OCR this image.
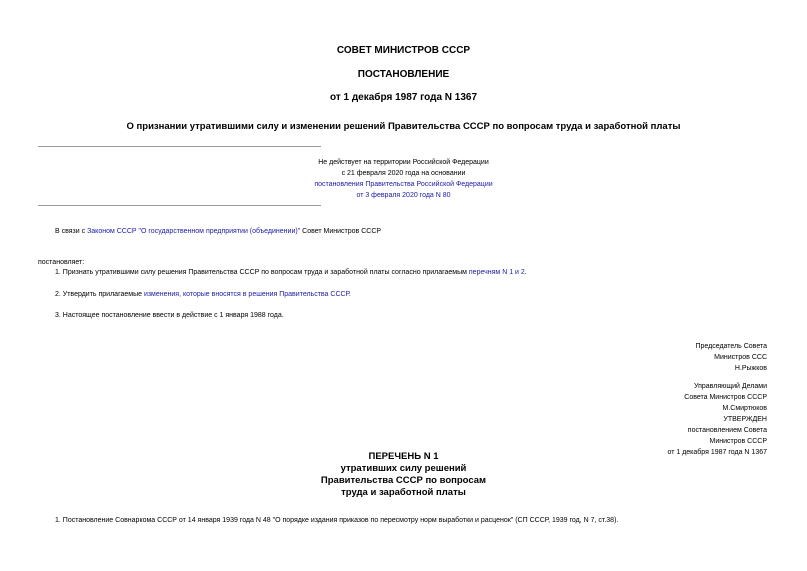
СОВЕТ МИНИСТРОВ СССР
ПОСТАНОВЛЕНИЕ
от 1 декабря 1987 года N 1367
О признании утратившими силу и изменении решений Правительства СССР по вопросам труда и заработной платы
Не действует на территории Российской Федерации
с 21 февраля 2020 года на основании
постановления Правительства Российской Федерации
от 3 февраля 2020 года N 80
В связи с Законом СССР "О государственном предприятии (объединении)" Совет Министров СССР
постановляет:
1. Признать утратившими силу решения Правительства СССР по вопросам труда и заработной платы согласно прилагаемым перечням N 1 и 2.
2. Утвердить прилагаемые изменения, которые вносятся в решения Правительства СССР.
3. Настоящее постановление ввести в действие с 1 января 1988 года.
Председатель Совета
Министров ССС
Н.Рыжков
Управляющий Делами
Совета Министров СССР
М.Смиртюков
УТВЕРЖДЕН
постановлением Совета
Министров СССР
от 1 декабря 1987 года N 1367
ПЕРЕЧЕНЬ N 1
утративших силу решений
Правительства СССР по вопросам
труда и заработной платы
1. Постановление Совнаркома СССР от 14 января 1939 года N 48 "О порядке издания приказов по пересмотру норм выработки и расценок" (СП СССР, 1939 год, N 7, ст.38).
